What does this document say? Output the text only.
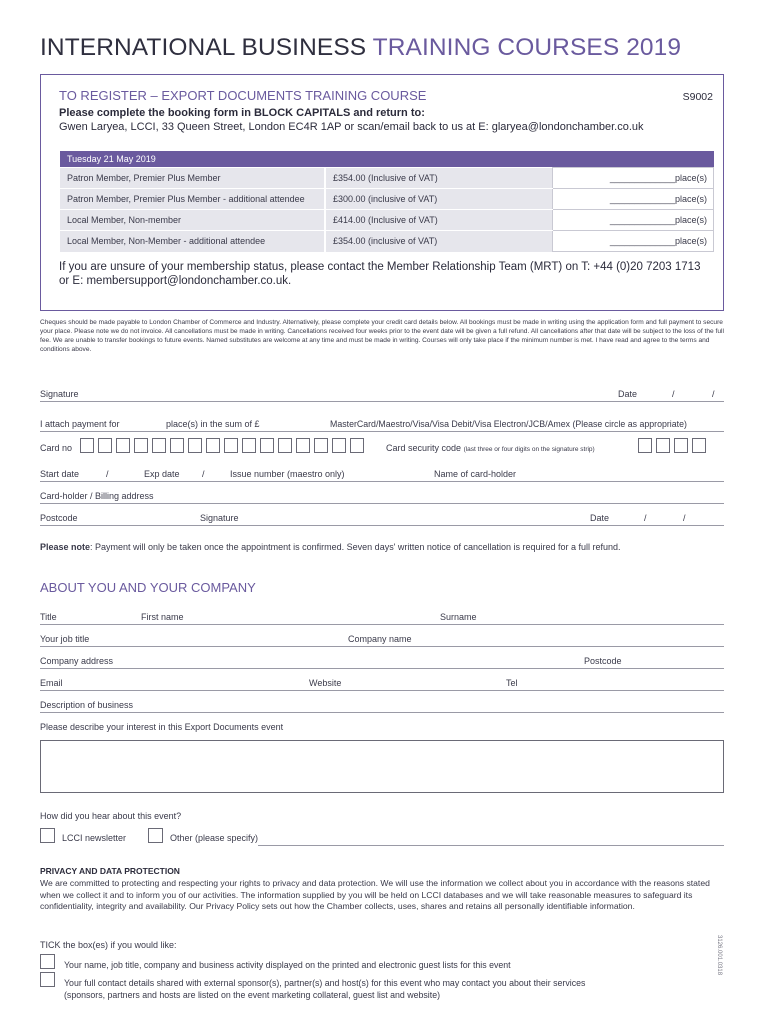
INTERNATIONAL BUSINESS TRAINING COURSES 2019
TO REGISTER – EXPORT DOCUMENTS TRAINING COURSE	S9002
Please complete the booking form in BLOCK CAPITALS and return to:
Gwen Laryea, LCCI, 33 Queen Street, London EC4R 1AP or scan/email back to us at E: glaryea@londonchamber.co.uk
Tuesday 21 May 2019
Patron Member, Premier Plus Member	£354.00 (Inclusive of VAT)	_____________place(s)
Patron Member, Premier Plus Member - additional attendee	£300.00 (inclusive of VAT)	_____________place(s)
Local Member, Non-member	£414.00 (Inclusive of VAT)	_____________place(s)
Local Member, Non-Member - additional attendee	£354.00 (inclusive of VAT)	_____________place(s)
If you are unsure of your membership status, please contact the Member Relationship Team (MRT) on T: +44 (0)20 7203 1713
or E: membersupport@londonchamber.co.uk.
Cheques should be made payable to London Chamber of Commerce and Industry. Alternatively, please complete your credit card details below. All bookings must be made in writing using the application form and full payment to secure your place. Please note we do not invoice. All cancellations must be made in writing. Cancellations received four weeks prior to the event date will be given a full refund. All cancellations after that date will be subject to the loss of the full fee. We are unable to transfer bookings to future events. Named substitutes are welcome at any time and must be made in writing. Courses will only take place if the minimum number is met. I have read and agree to the terms and conditions above.
Signature	Date	/	/
I attach payment for	place(s) in the sum of £	MasterCard/Maestro/Visa/Visa Debit/Visa Electron/JCB/Amex (Please circle as appropriate)
Card no	Card security code (last three or four digits on the signature strip)
Start date	/	Exp date /	Issue number (maestro only)	Name of card-holder
Card-holder / Billing address
Postcode	Signature	Date	/	/
Please note: Payment will only be taken once the appointment is confirmed. Seven days' written notice of cancellation is required for a full refund.
ABOUT YOU AND YOUR COMPANY
Title	First name	Surname
Your job title	Company name
Company address	Postcode
Email	Website	Tel
Description of business
Please describe your interest in this Export Documents event
How did you hear about this event?
LCCI newsletter	Other (please specify)
PRIVACY AND DATA PROTECTION
We are committed to protecting and respecting your rights to privacy and data protection. We will use the information we collect about you in accordance with the reasons stated when we collect it and to inform you of our activities. The information supplied by you will be held on LCCI databases and we will take reasonable measures to safeguard its confidentiality, integrity and availability. Our Privacy Policy sets out how the Chamber collects, uses, shares and retains all personally identifiable information.
TICK the box(es) if you would like:
Your name, job title, company and business activity displayed on the printed and electronic guest lists for this event
Your full contact details shared with external sponsor(s), partner(s) and host(s) for this event who may contact you about their services
(sponsors, partners and hosts are listed on the event marketing collateral, guest list and website)
3126.001.0318
